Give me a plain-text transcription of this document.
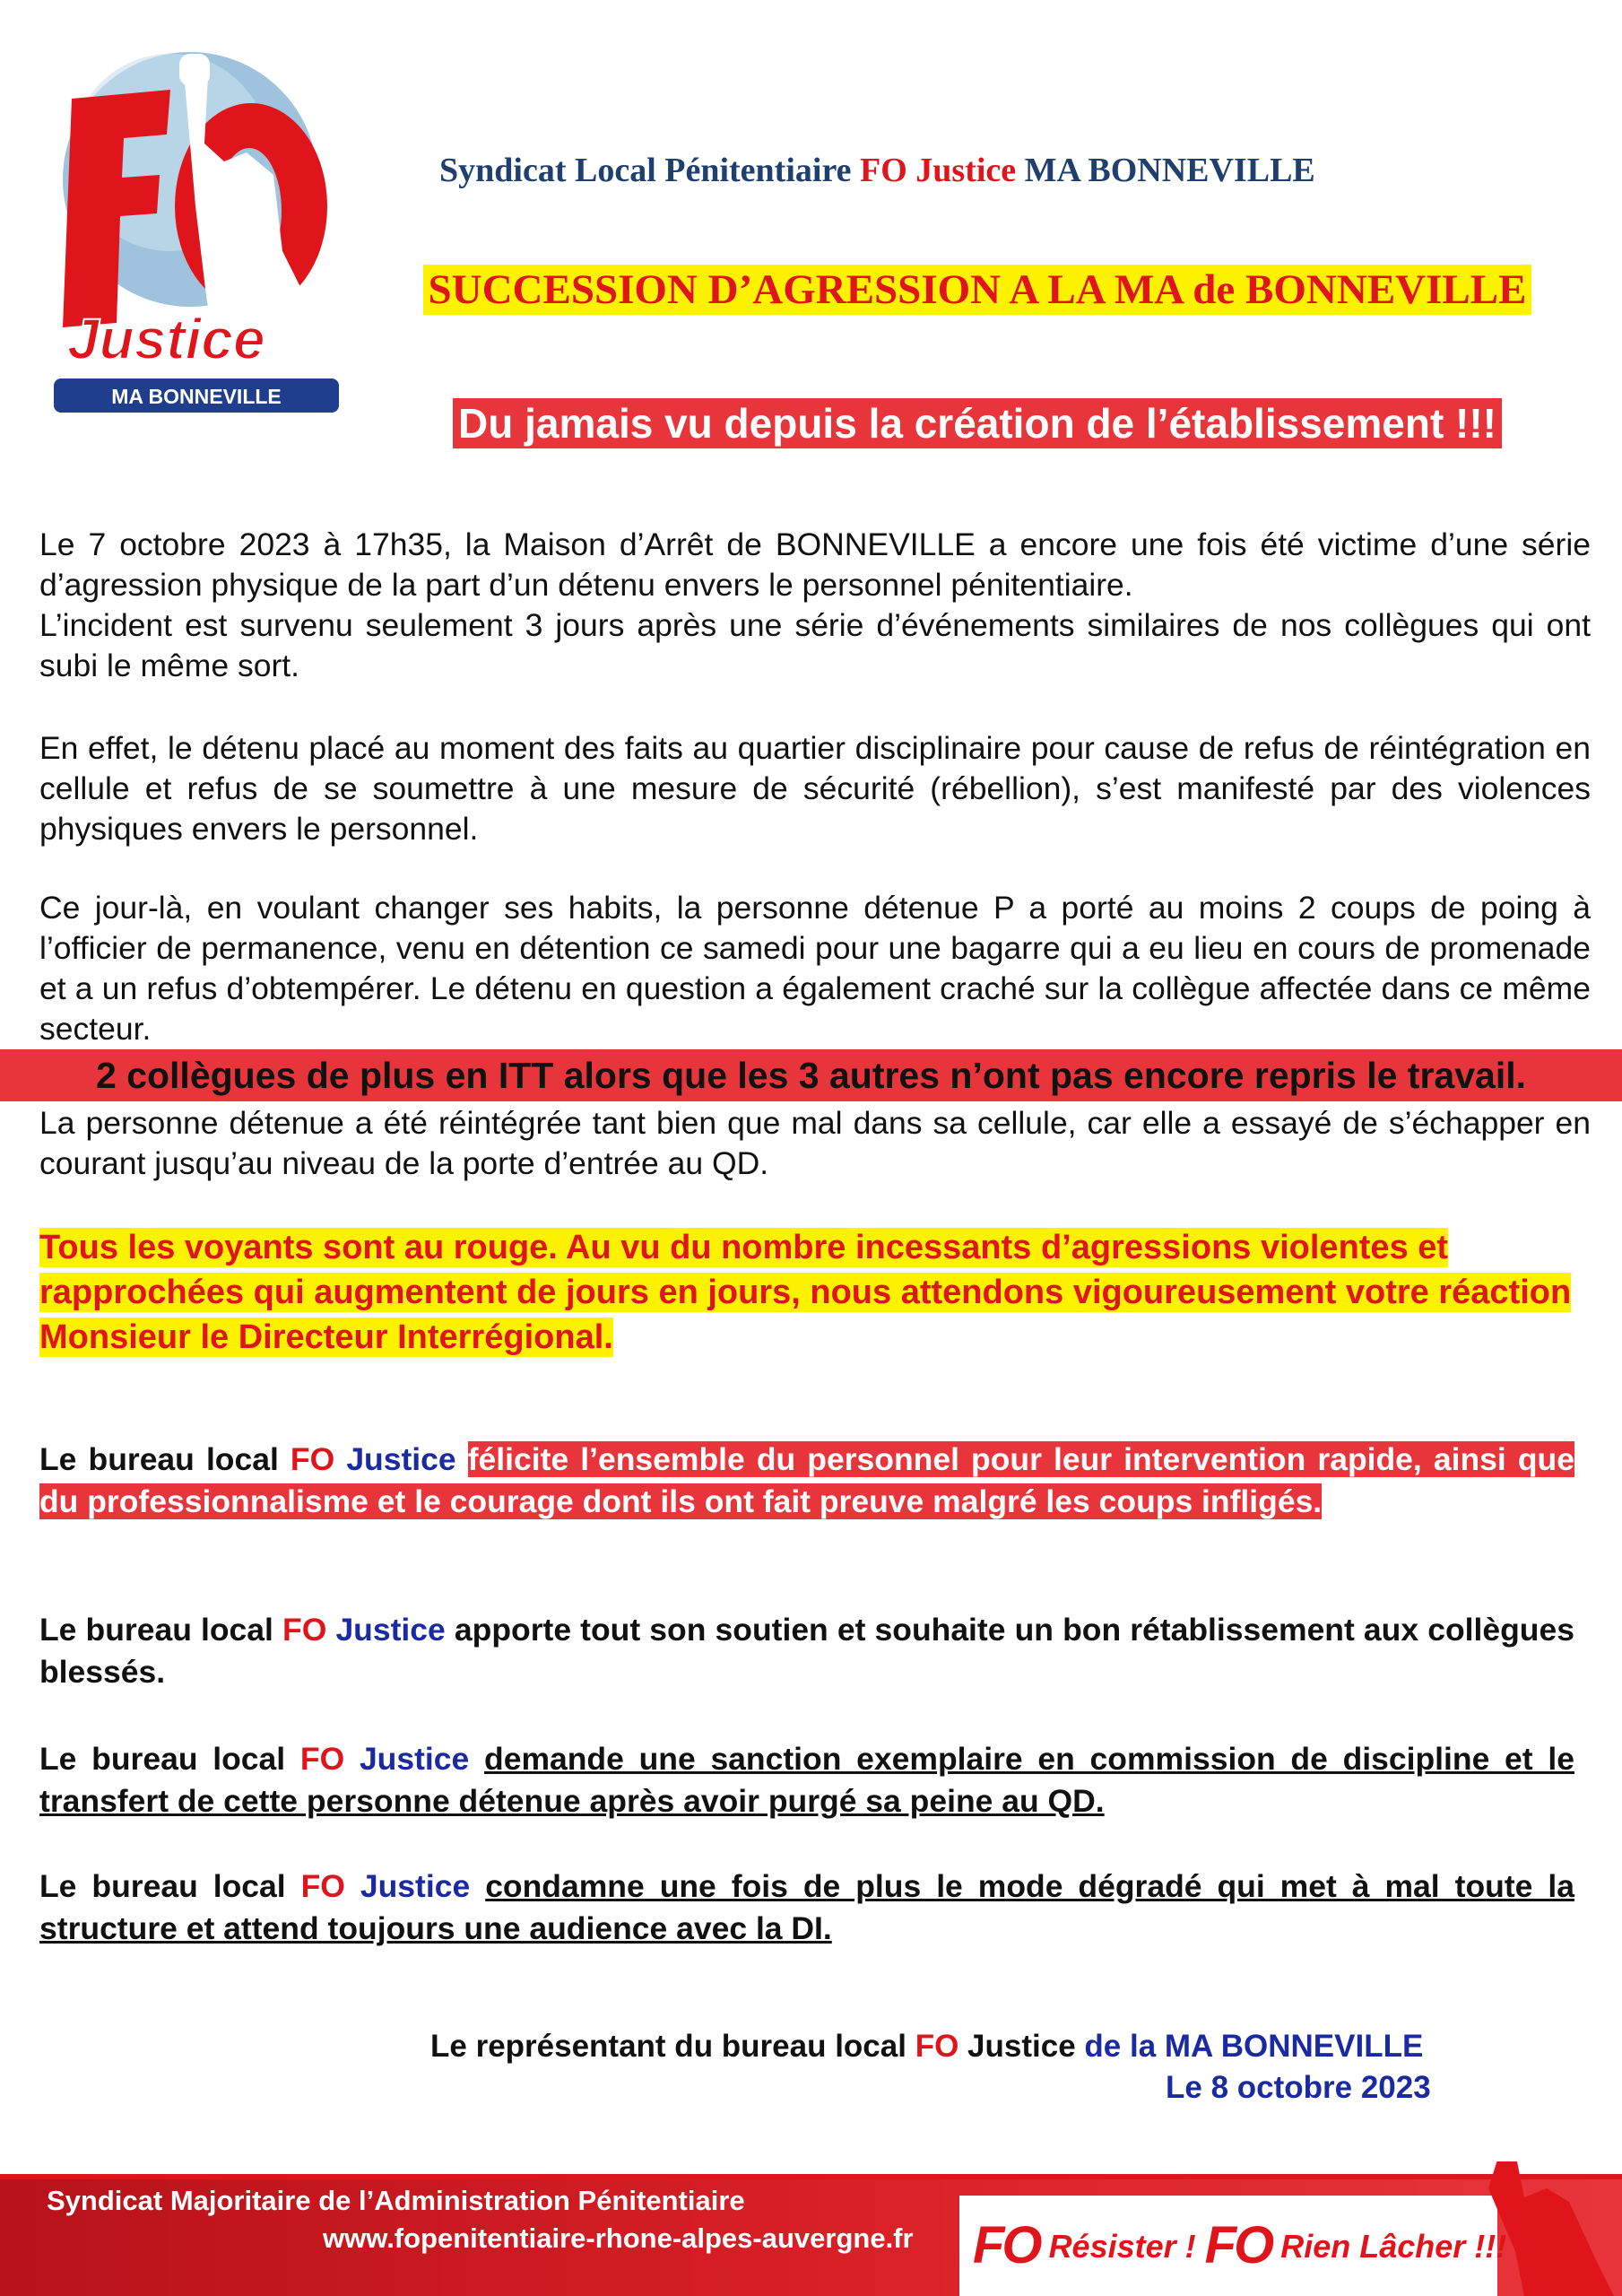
Justice
MA BONNEVILLE
Syndicat Local Pénitentiaire FO Justice MA BONNEVILLE
SUCCESSION D’AGRESSION A LA MA de BONNEVILLE
Du jamais vu depuis la création de l’établissement !!!

Le 7 octobre 2023 à 17h35, la Maison d’Arrêt de BONNEVILLE a encore une fois été victime d’une série d’agression physique de la part d’un détenu envers le personnel pénitentiaire.
L’incident est survenu seulement 3 jours après une série d’événements similaires de nos collègues qui ont subi le même sort.

En effet, le détenu placé au moment des faits au quartier disciplinaire pour cause de refus de réintégration en cellule et refus de se soumettre à une mesure de sécurité (rébellion), s’est manifesté par des violences physiques envers le personnel.

Ce jour-là, en voulant changer ses habits, la personne détenue P a porté au moins 2 coups de poing à l’officier de permanence, venu en détention ce samedi pour une bagarre qui a eu lieu en cours de promenade et a un refus d’obtempérer. Le détenu en question a également craché sur la collègue affectée dans ce même secteur.

2 collègues de plus en ITT alors que les 3 autres n’ont pas encore repris le travail.

La personne détenue a été réintégrée tant bien que mal dans sa cellule, car elle a essayé de s’échapper en courant jusqu’au niveau de la porte d’entrée au QD.

Tous les voyants sont au rouge. Au vu du nombre incessants d’agressions violentes et rapprochées qui augmentent de jours en jours, nous attendons vigoureusement votre réaction Monsieur le Directeur Interrégional.

Le bureau local FO Justice félicite l’ensemble du personnel pour leur intervention rapide, ainsi que du professionnalisme et le courage dont ils ont fait preuve malgré les coups infligés.

Le bureau local FO Justice apporte tout son soutien et souhaite un bon rétablissement aux collègues blessés.

Le bureau local FO Justice demande une sanction exemplaire en commission de discipline et le transfert de cette personne détenue après avoir purgé sa peine au QD.

Le bureau local FO Justice condamne une fois de plus le mode dégradé qui met à mal toute la structure et attend toujours une audience avec la DI.

Le représentant du bureau local FO Justice de la MA BONNEVILLE
Le 8 octobre 2023
Syndicat Majoritaire de l’Administration Pénitentiaire
www.fopenitentiaire-rhone-alpes-auvergne.fr FO Résister ! FO Rien Lâcher !!!
